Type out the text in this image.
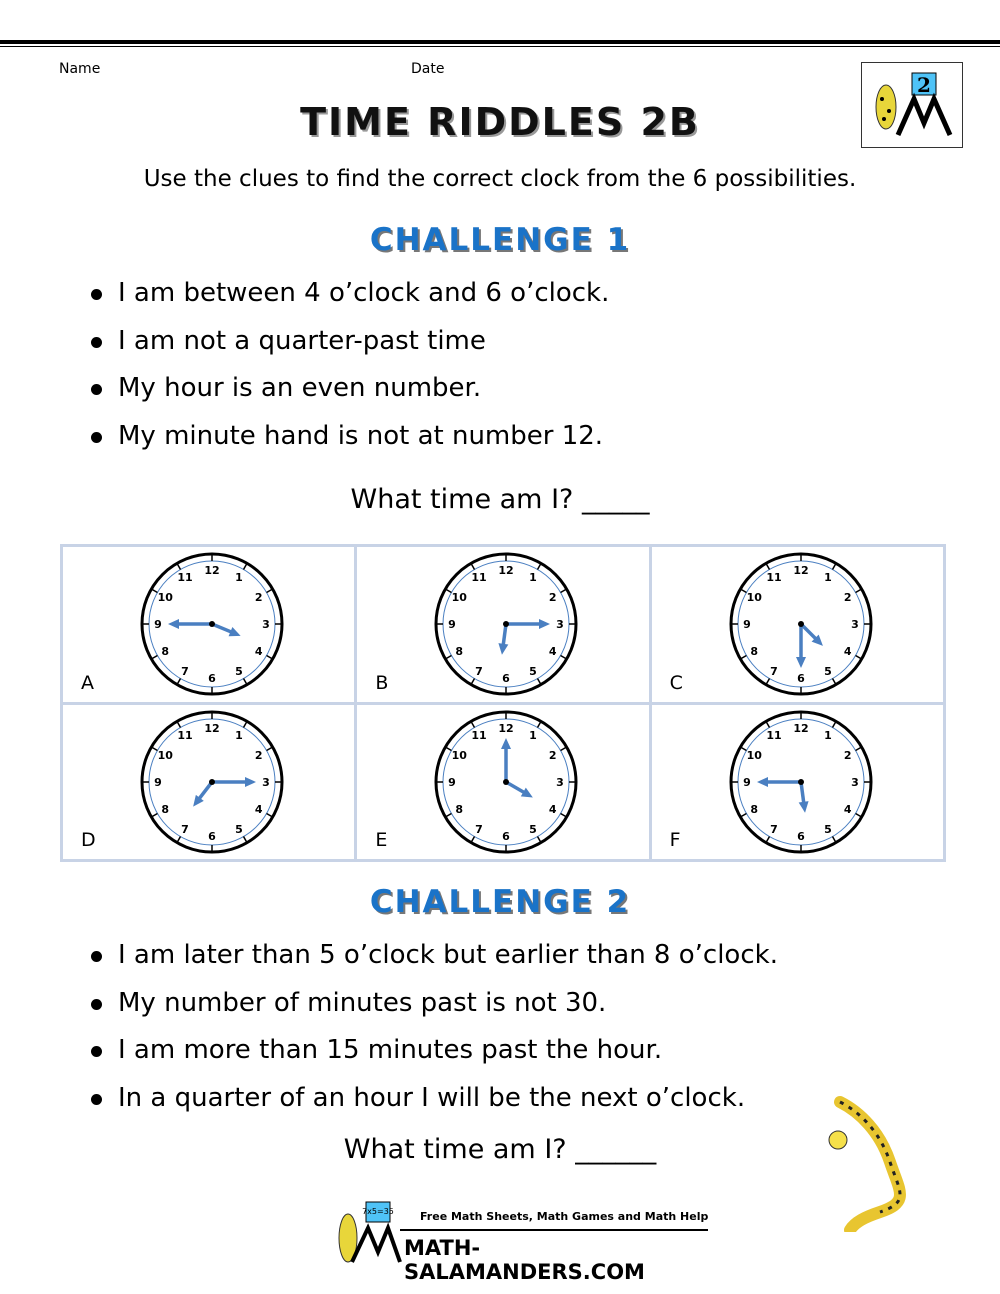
Name	Date
TIME RIDDLES 2B
2
Use the clues to find the correct clock from the 6 possibilities.
CHALLENGE 1
I am between 4 o’clock and 6 o’clock.
I am not a quarter-past time
My hour is an even number.
My minute hand is not at number 12.
What time am I? _____
A
1
2
3
4
5
6
7
8
9
10
11
12
B
1
2
3
4
5
6
7
8
9
10
11
12
C
1
2
3
4
5
6
7
8
9
10
11
12
D
1
2
3
4
5
6
7
8
9
10
11
12
E
1
2
3
4
5
6
7
8
9
10
11
12
F
1
2
3
4
5
6
7
8
9
10
11
12
CHALLENGE 2
I am later than 5 o’clock but earlier than 8 o’clock.
My number of minutes past is not 30.
I am more than 15 minutes past the hour.
In a quarter of an hour I will be the next o’clock.
What time am I? ______
7x5=35 Free Math Sheets, Math Games and Math Help
MATH-SALAMANDERS.COM
